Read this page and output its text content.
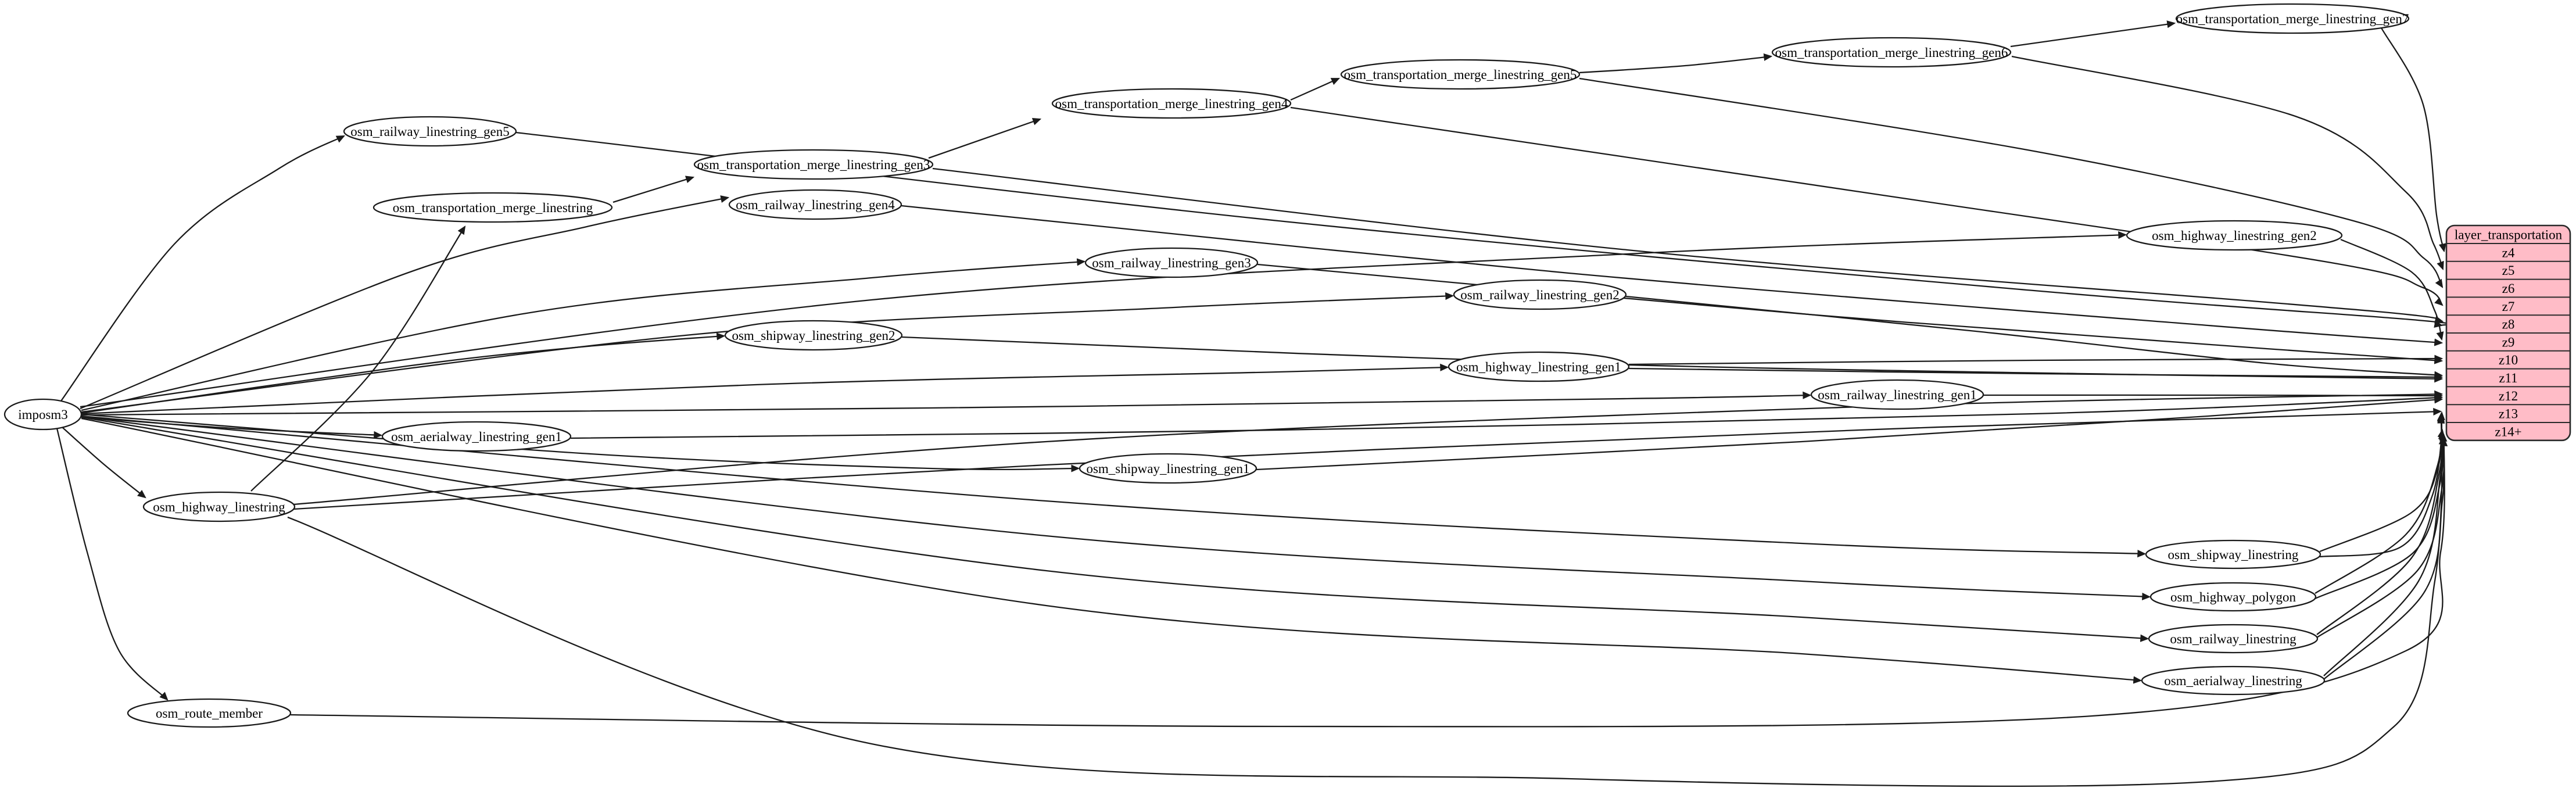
layer_transportation
z4
z5
z6
z7
z8
z9
z10
z11
z12
z13
z14+
imposm3
osm_railway_linestring_gen5
osm_transportation_merge_linestring_gen3
osm_transportation_merge_linestring	osm_railway_linestring_gen4
osm_transportation_merge_linestring_gen4
osm_transportation_merge_linestring_gen5
osm_transportation_merge_linestring_gen6
osm_transportation_merge_linestring_gen7
osm_highway_linestring_gen2
osm_railway_linestring_gen3
osm_railway_linestring_gen2
osm_shipway_linestring_gen2
osm_highway_linestring_gen1
osm_railway_linestring_gen1
osm_aerialway_linestring_gen1
osm_shipway_linestring_gen1
osm_highway_linestring
osm_shipway_linestring
osm_highway_polygon
osm_railway_linestring
osm_aerialway_linestring
osm_route_member
